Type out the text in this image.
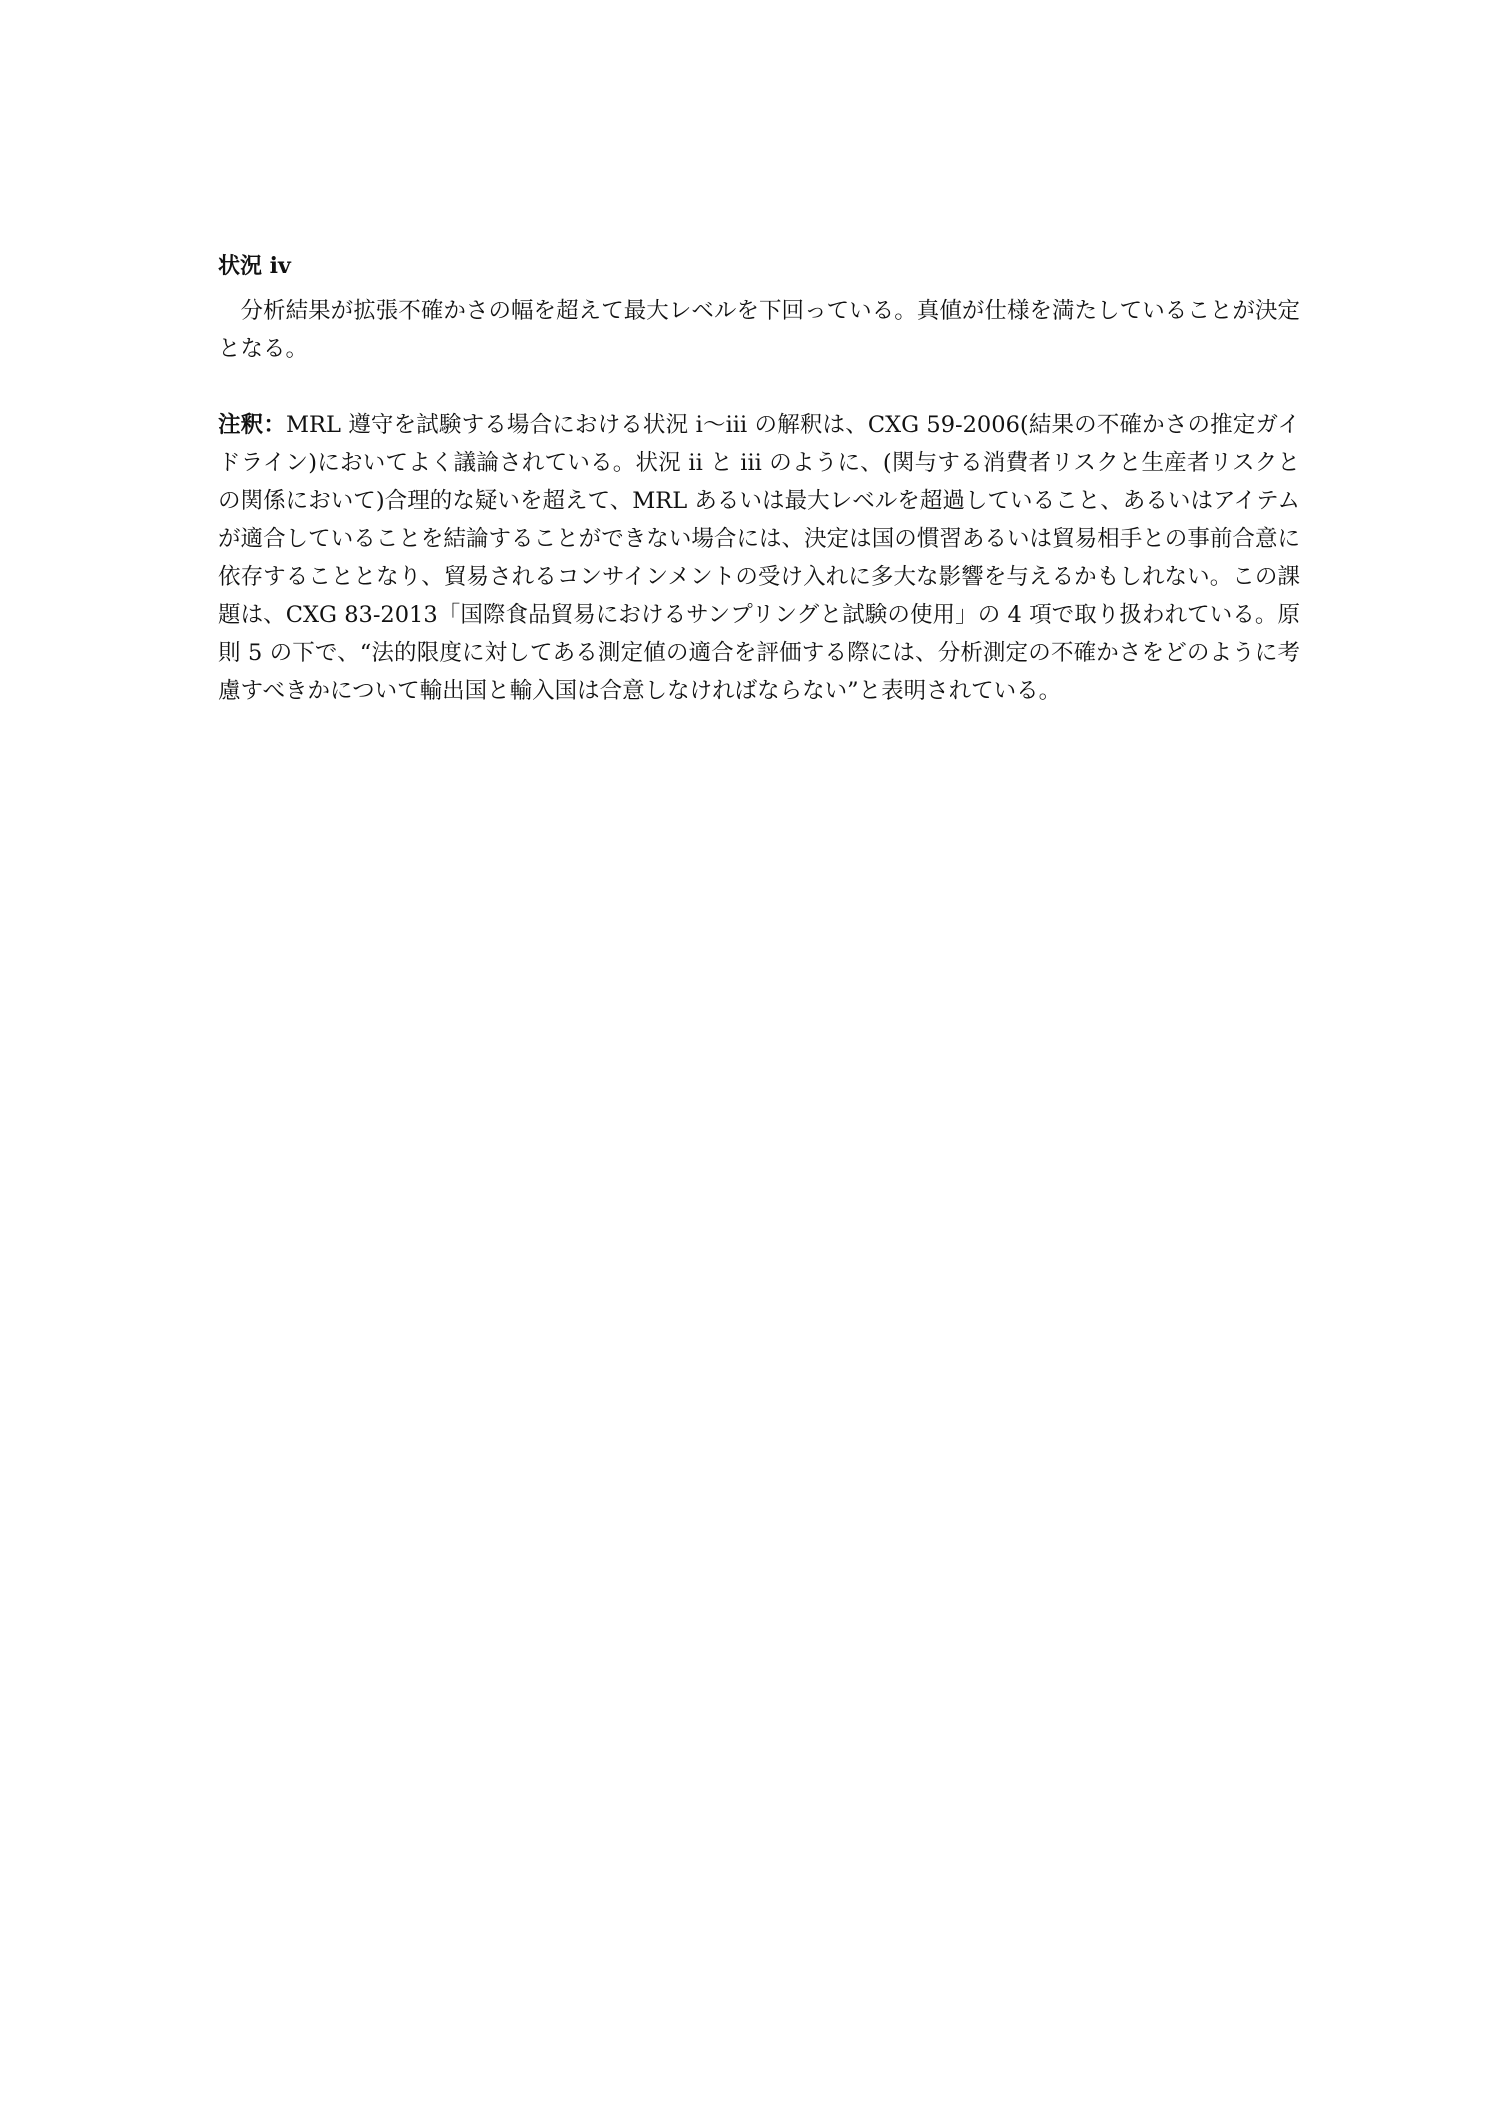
状況 iv

分析結果が拡張不確かさの幅を超えて最大レベルを下回っている。真値が仕様を満たしていることが決定となる。

注釈：MRL 遵守を試験する場合における状況 i～iii の解釈は、CXG 59-2006(結果の不確かさの推定ガイドライン)においてよく議論されている。状況 ii と iii のように、(関与する消費者リスクと生産者リスクとの関係において)合理的な疑いを超えて、MRL あるいは最大レベルを超過していること、あるいはアイテムが適合していることを結論することができない場合には、決定は国の慣習あるいは貿易相手との事前合意に依存することとなり、貿易されるコンサインメントの受け入れに多大な影響を与えるかもしれない。この課題は、CXG 83-2013「国際食品貿易におけるサンプリングと試験の使用」の 4 項で取り扱われている。原則 5 の下で、“法的限度に対してある測定値の適合を評価する際には、分析測定の不確かさをどのように考慮すべきかについて輸出国と輸入国は合意しなければならない”と表明されている。
